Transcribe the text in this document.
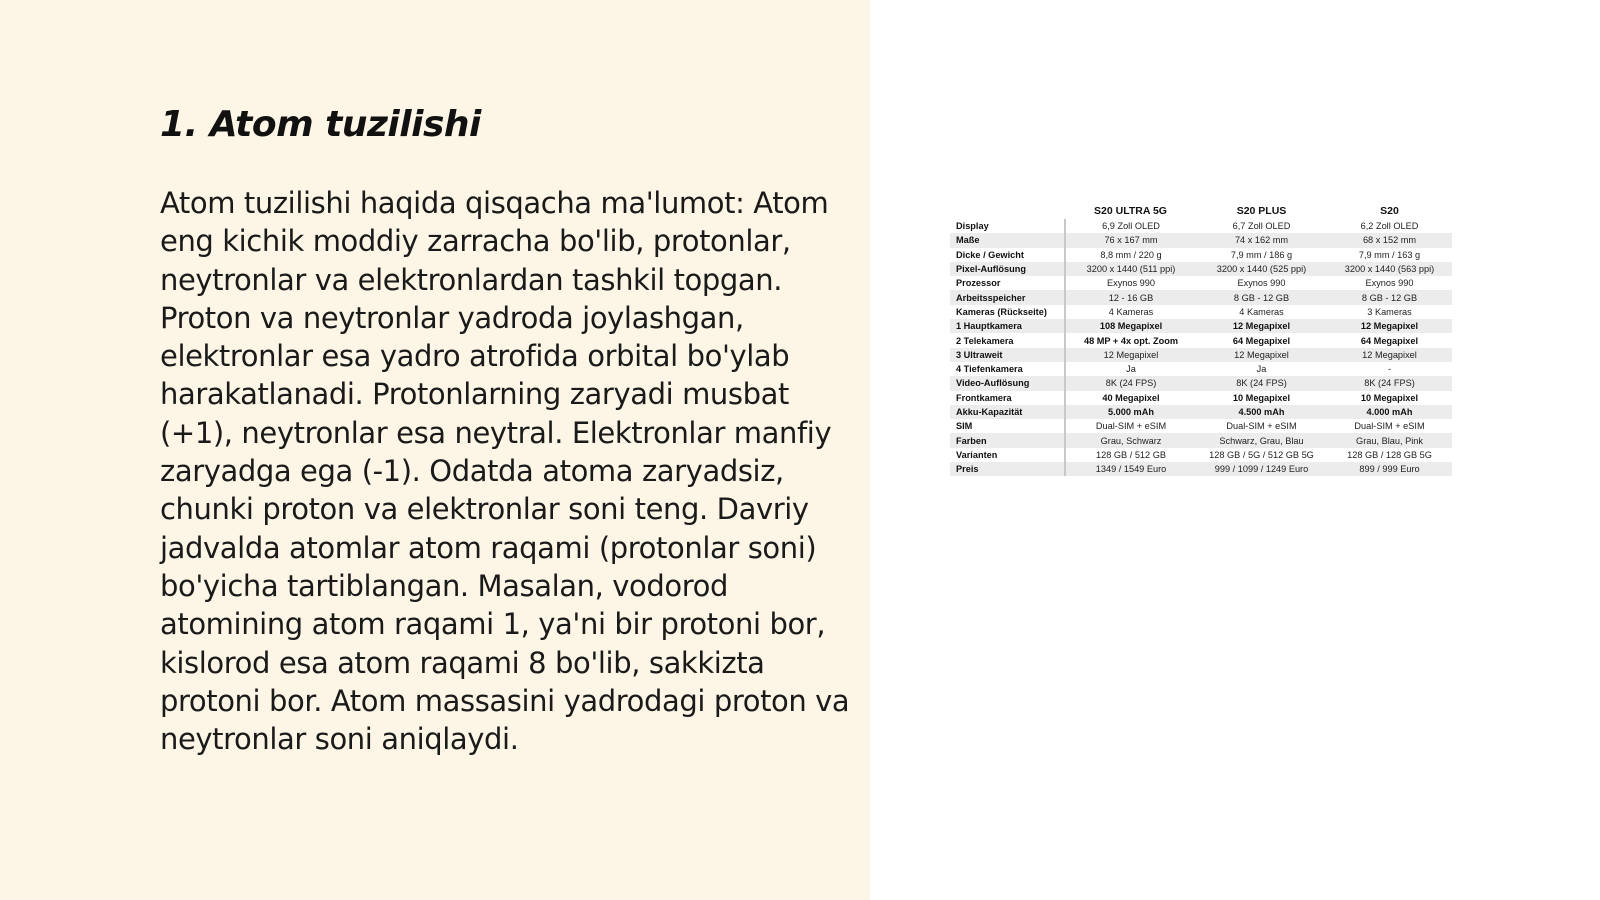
1. Atom tuzilishi

Atom tuzilishi haqida qisqacha ma'lumot: Atom eng kichik moddiy zarracha bo'lib, protonlar, neytronlar va elektronlardan tashkil topgan. Proton va neytronlar yadroda joylashgan, elektronlar esa yadro atrofida orbital bo'ylab harakatlanadi. Protonlarning zaryadi musbat (+1), neytronlar esa neytral. Elektronlar manfiy zaryadga ega (-1). Odatda atoma zaryadsiz, chunki proton va elektronlar soni teng. Davriy jadvalda atomlar atom raqami (protonlar soni) bo'yicha tartiblangan. Masalan, vodorod atomining atom raqami 1, ya'ni bir protoni bor, kislorod esa atom raqami 8 bo'lib, sakkizta protoni bor. Atom massasini yadrodagi proton va neytronlar soni aniqlaydi.

	S20 ULTRA 5G	S20 PLUS	S20
Display	6,9 Zoll OLED	6,7 Zoll OLED	6,2 Zoll OLED
Maße	76 x 167 mm	74 x 162 mm	68 x 152 mm
Dicke / Gewicht	8,8 mm / 220 g	7,9 mm / 186 g	7,9 mm / 163 g
Pixel-Auflösung	3200 x 1440 (511 ppi)	3200 x 1440 (525 ppi)	3200 x 1440 (563 ppi)
Prozessor	Exynos 990	Exynos 990	Exynos 990
Arbeitsspeicher	12 - 16 GB	8 GB - 12 GB	8 GB - 12 GB
Kameras (Rückseite)	4 Kameras	4 Kameras	3 Kameras
1 Hauptkamera	108 Megapixel	12 Megapixel	12 Megapixel
2 Telekamera	48 MP + 4x opt. Zoom	64 Megapixel	64 Megapixel
3 Ultraweit	12 Megapixel	12 Megapixel	12 Megapixel
4 Tiefenkamera	Ja	Ja	-
Video-Auflösung	8K (24 FPS)	8K (24 FPS)	8K (24 FPS)
Frontkamera	40 Megapixel	10 Megapixel	10 Megapixel
Akku-Kapazität	5.000 mAh	4.500 mAh	4.000 mAh
SIM	Dual-SIM + eSIM	Dual-SIM + eSIM	Dual-SIM + eSIM
Farben	Grau, Schwarz	Schwarz, Grau, Blau	Grau, Blau, Pink
Varianten	128 GB / 512 GB	128 GB / 5G / 512 GB 5G	128 GB / 128 GB 5G
Preis	1349 / 1549 Euro	999 / 1099 / 1249 Euro	899 / 999 Euro
